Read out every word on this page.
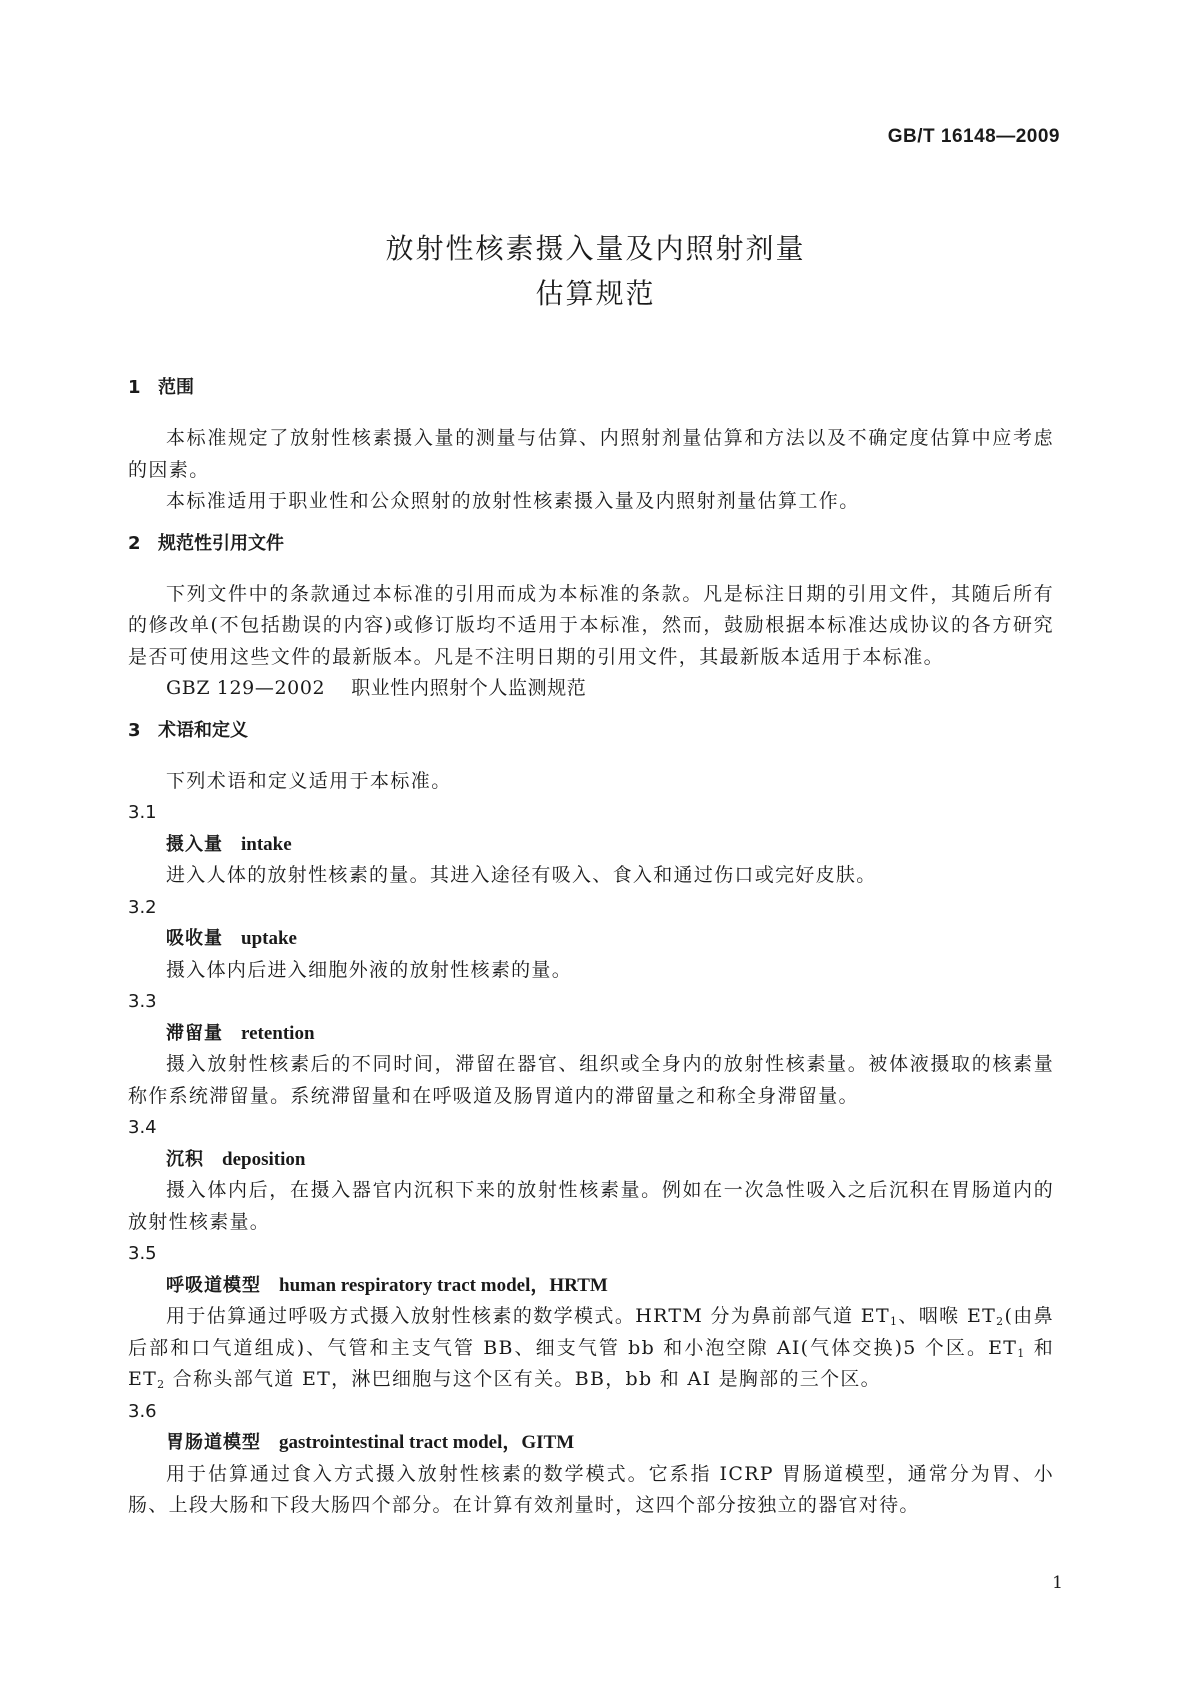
GB/T 16148—2009
放射性核素摄入量及内照射剂量
估算规范
1 范围

本标准规定了放射性核素摄入量的测量与估算、内照射剂量估算和方法以及不确定度估算中应考虑的因素。

本标准适用于职业性和公众照射的放射性核素摄入量及内照射剂量估算工作。

2 规范性引用文件

下列文件中的条款通过本标准的引用而成为本标准的条款。凡是标注日期的引用文件，其随后所有的修改单(不包括勘误的内容)或修订版均不适用于本标准，然而，鼓励根据本标准达成协议的各方研究是否可使用这些文件的最新版本。凡是不注明日期的引用文件，其最新版本适用于本标准。

GBZ 129—2002 职业性内照射个人监测规范

3 术语和定义

下列术语和定义适用于本标准。

3.1

摄入量 intake

进入人体的放射性核素的量。其进入途径有吸入、食入和通过伤口或完好皮肤。

3.2

吸收量 uptake

摄入体内后进入细胞外液的放射性核素的量。

3.3

滞留量 retention

摄入放射性核素后的不同时间，滞留在器官、组织或全身内的放射性核素量。被体液摄取的核素量称作系统滞留量。系统滞留量和在呼吸道及肠胃道内的滞留量之和称全身滞留量。

3.4

沉积 deposition

摄入体内后，在摄入器官内沉积下来的放射性核素量。例如在一次急性吸入之后沉积在胃肠道内的放射性核素量。

3.5

呼吸道模型 human respiratory tract model，HRTM

用于估算通过呼吸方式摄入放射性核素的数学模式。HRTM 分为鼻前部气道 $ET_1$、咽喉 $ET_2$(由鼻后部和口气道组成)、气管和主支气管 BB、细支气管 bb 和小泡空隙 AI(气体交换)5 个区。$ET_1$ 和 $ET_2$ 合称头部气道 ET，淋巴细胞与这个区有关。BB，bb 和 AI 是胸部的三个区。

3.6

胃肠道模型 gastrointestinal tract model，GITM

用于估算通过食入方式摄入放射性核素的数学模式。它系指 ICRP 胃肠道模型，通常分为胃、小肠、上段大肠和下段大肠四个部分。在计算有效剂量时，这四个部分按独立的器官对待。

1
